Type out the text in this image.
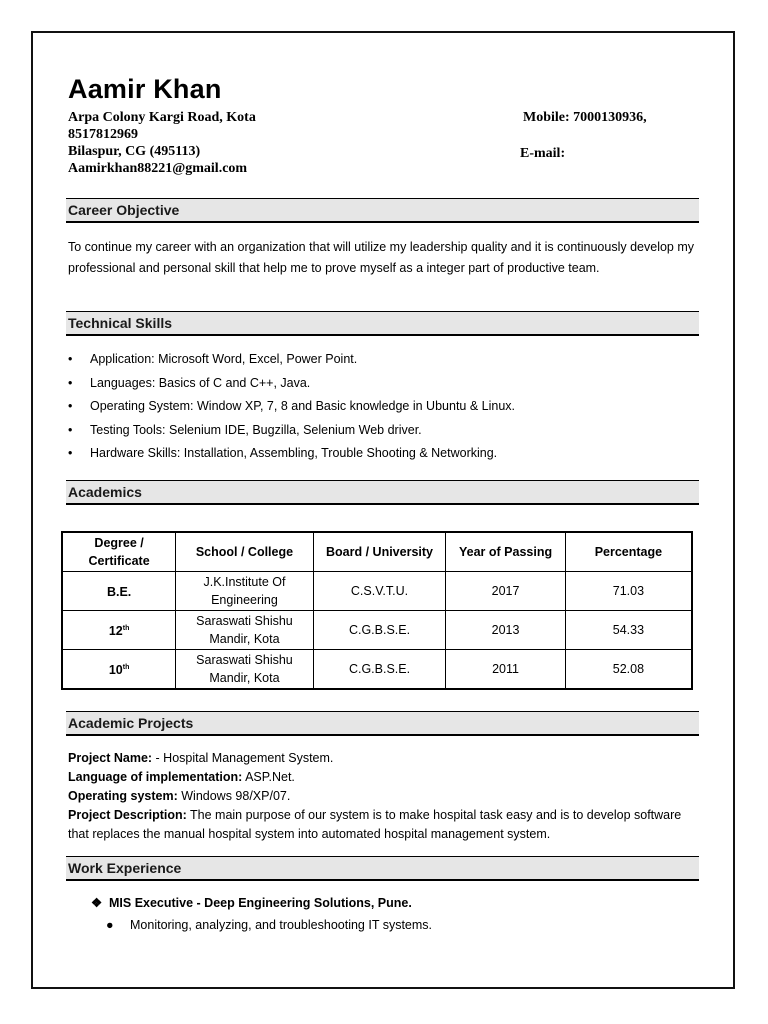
Aamir Khan
Arpa Colony Kargi Road, Kota
8517812969
Bilaspur, CG (495113)
Aamirkhan88221@gmail.com
Mobile: 7000130936,
E-mail:
Career Objective
To continue my career with an organization that will utilize my leadership quality and it is continuously develop my professional and personal skill that help me to prove myself as a integer part of productive team.
Technical Skills
• Application: Microsoft Word, Excel, Power Point.
• Languages: Basics of C and C++, Java.
• Operating System: Window XP, 7, 8 and Basic knowledge in Ubuntu & Linux.
• Testing Tools: Selenium IDE, Bugzilla, Selenium Web driver.
• Hardware Skills: Installation, Assembling, Trouble Shooting & Networking.
Academics
Degree / Certificate	School / College	Board / University	Year of Passing	Percentage
B.E.	J.K.Institute Of Engineering	C.S.V.T.U.	2017	71.03
12th	Saraswati Shishu Mandir, Kota	C.G.B.S.E.	2013	54.33
10th	Saraswati Shishu Mandir, Kota	C.G.B.S.E.	2011	52.08
Academic Projects
Project Name: - Hospital Management System.
Language of implementation: ASP.Net.
Operating system: Windows 98/XP/07.
Project Description: The main purpose of our system is to make hospital task easy and is to develop software that replaces the manual hospital system into automated hospital management system.
Work Experience
❖ MIS Executive - Deep Engineering Solutions, Pune.
● Monitoring, analyzing, and troubleshooting IT systems.
